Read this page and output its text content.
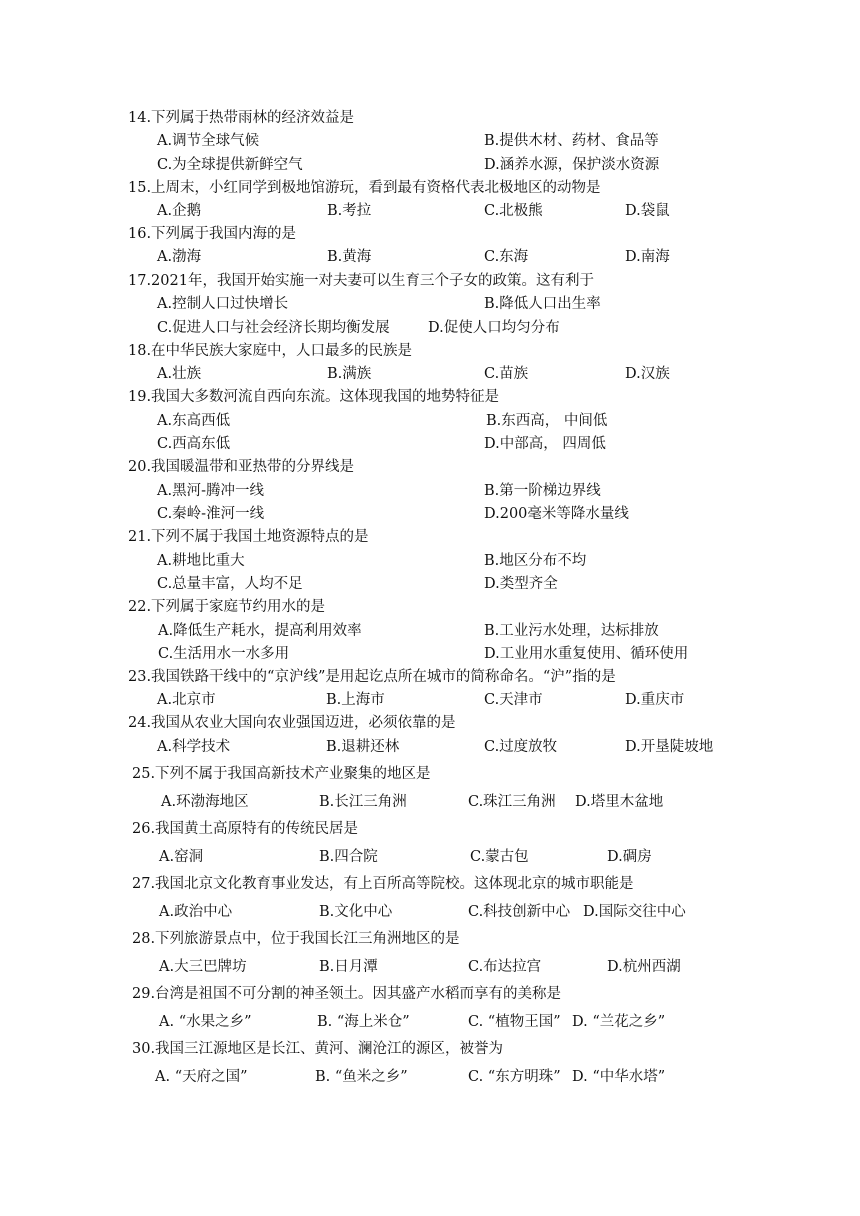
14.下列属于热带雨林的经济效益是
A.调节全球气候	B.提供木材、药材、食品等
C.为全球提供新鲜空气	D.涵养水源，保护淡水资源
15.上周末，小红同学到极地馆游玩，看到最有资格代表北极地区的动物是
A.企鹅	B.考拉	C.北极熊	D.袋鼠
16.下列属于我国内海的是
A.渤海	B.黄海	C.东海	D.南海
17.2021年，我国开始实施一对夫妻可以生育三个子女的政策。这有利于
A.控制人口过快增长	B.降低人口出生率
C.促进人口与社会经济长期均衡发展	D.促使人口均匀分布
18.在中华民族大家庭中，人口最多的民族是
A.壮族	B.满族	C.苗族	D.汉族
19.我国大多数河流自西向东流。这体现我国的地势特征是
A.东高西低	B.东西高， 中间低
C.西高东低	D.中部高， 四周低
20.我国暖温带和亚热带的分界线是
A.黑河-腾冲一线	B.第一阶梯边界线
C.秦岭-淮河一线	D.200毫米等降水量线
21.下列不属于我国土地资源特点的是
A.耕地比重大	B.地区分布不均
C.总量丰富，人均不足	D.类型齐全
22.下列属于家庭节约用水的是
A.降低生产耗水，提高利用效率	B.工业污水处理，达标排放
C.生活用水一水多用	D.工业用水重复使用、循环使用
23.我国铁路干线中的“京沪线”是用起讫点所在城市的简称命名。“沪”指的是
A.北京市	B.上海市	C.天津市	D.重庆市
24.我国从农业大国向农业强国迈进，必须依靠的是
A.科学技术	B.退耕还林	C.过度放牧	D.开垦陡坡地
25.下列不属于我国高新技术产业聚集的地区是
A.环渤海地区	B.长江三角洲	C.珠江三角洲 D.塔里木盆地
26.我国黄土高原特有的传统民居是
A.窑洞	B.四合院	C.蒙古包	D.碉房
27.我国北京文化教育事业发达，有上百所高等院校。这体现北京的城市职能是
A.政治中心	B.文化中心	C.科技创新中心 D.国际交往中心
28.下列旅游景点中，位于我国长江三角洲地区的是
A.大三巴牌坊	B.日月潭	C.布达拉宫	D.杭州西湖
29.台湾是祖国不可分割的神圣领土。因其盛产水稻而享有的美称是
A. “水果之乡”	B. “海上米仓”	C. “植物王国” D. “兰花之乡”
30.我国三江源地区是长江、黄河、澜沧江的源区，被誉为
A. “天府之国”	B. “鱼米之乡”	C. “东方明珠” D. “中华水塔”
